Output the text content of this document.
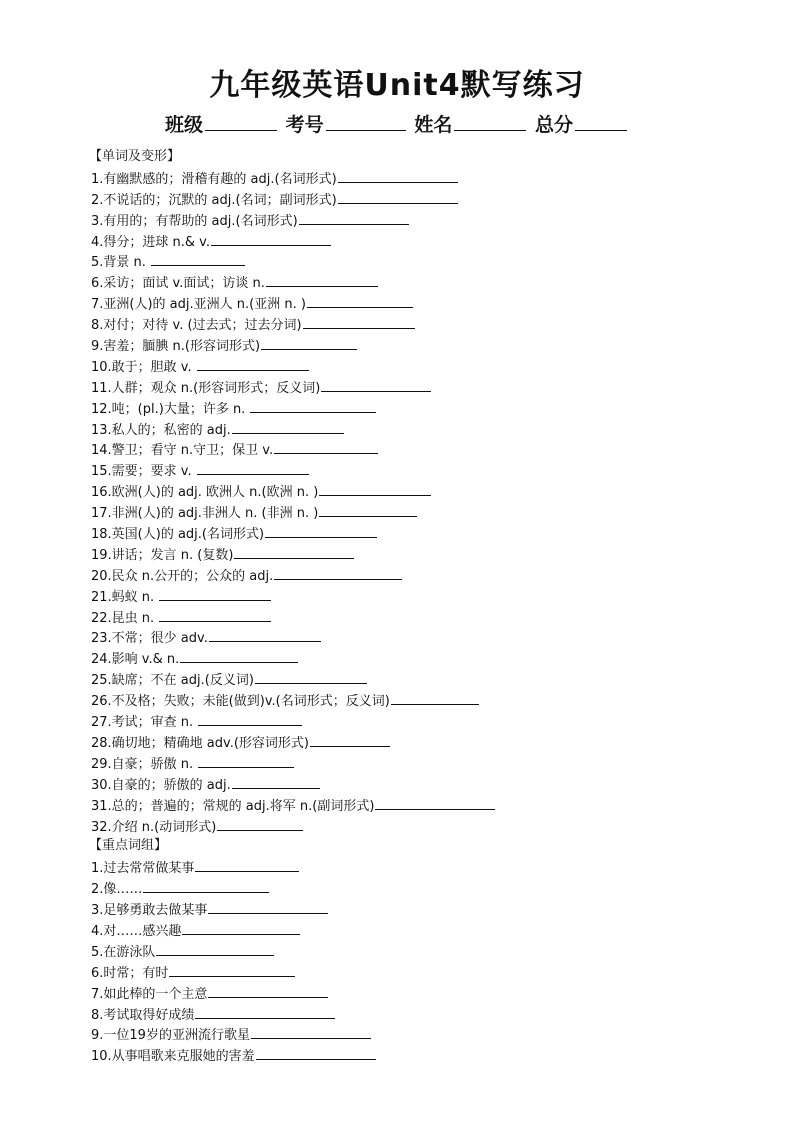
九年级英语Unit4默写练习
班级	考号	姓名	总分
【单词及变形】
1.有幽默感的；滑稽有趣的 adj.(名词形式)
2.不说话的；沉默的 adj.(名词；副词形式)
3.有用的；有帮助的 adj.(名词形式)
4.得分；进球 n.& v.
5.背景 n.
6.采访；面试 v.面试；访谈 n.
7.亚洲(人)的 adj.亚洲人 n.(亚洲 n. )
8.对付；对待 v. (过去式；过去分词)
9.害羞；腼腆 n.(形容词形式)
10.敢于；胆敢 v.
11.人群；观众 n.(形容词形式；反义词)
12.吨；(pl.)大量；许多 n.
13.私人的；私密的 adj.
14.警卫；看守 n.守卫；保卫 v.
15.需要；要求 v.
16.欧洲(人)的 adj. 欧洲人 n.(欧洲 n. )
17.非洲(人)的 adj.非洲人 n. (非洲 n. )
18.英国(人)的 adj.(名词形式)
19.讲话；发言 n. (复数)
20.民众 n.公开的；公众的 adj.
21.蚂蚁 n.
22.昆虫 n.
23.不常；很少 adv.
24.影响 v.& n.
25.缺席；不在 adj.(反义词)
26.不及格；失败；未能(做到)v.(名词形式；反义词)
27.考试；审查 n.
28.确切地；精确地 adv.(形容词形式)
29.自豪；骄傲 n.
30.自豪的；骄傲的 adj.
31.总的；普遍的；常规的 adj.将军 n.(副词形式)
32.介绍 n.(动词形式)
【重点词组】
1.过去常常做某事
2.像……
3.足够勇敢去做某事
4.对……感兴趣
5.在游泳队
6.时常；有时
7.如此棒的一个主意
8.考试取得好成绩
9.一位19岁的亚洲流行歌星
10.从事唱歌来克服她的害羞
